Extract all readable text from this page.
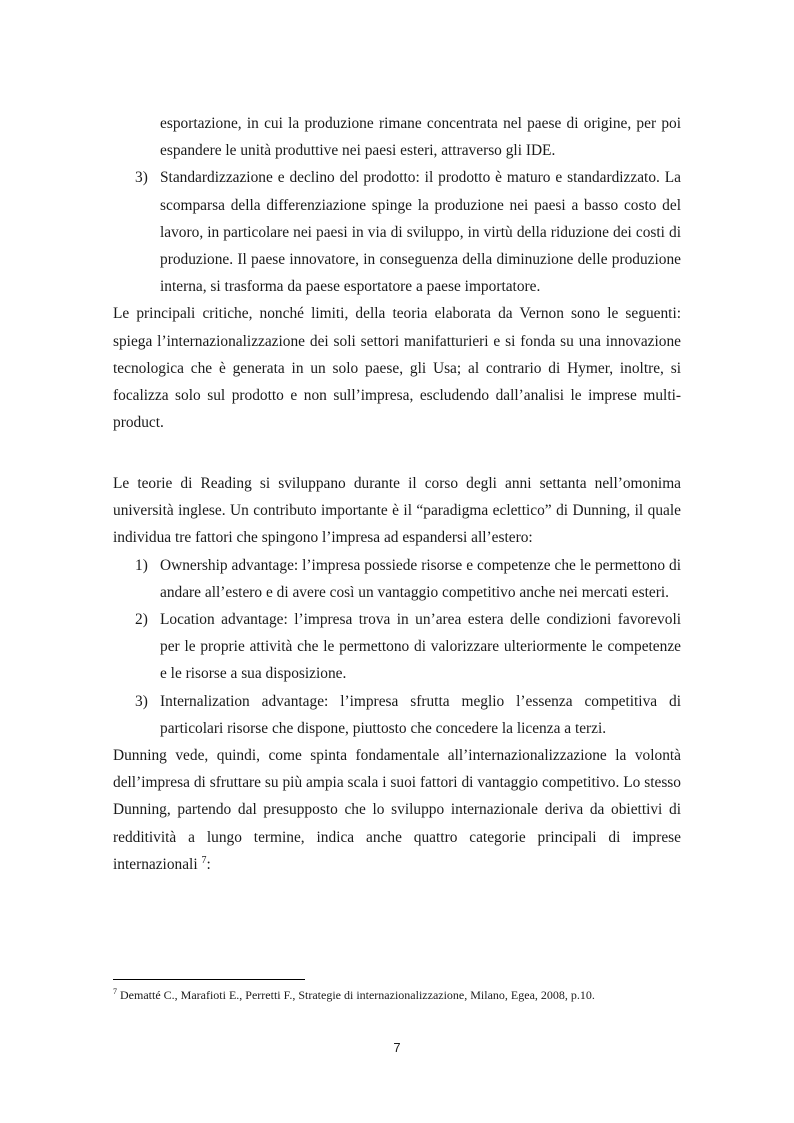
esportazione, in cui la produzione rimane concentrata nel paese di origine, per poi espandere le unità produttive nei paesi esteri, attraverso gli IDE.

3) Standardizzazione e declino del prodotto: il prodotto è maturo e standardizzato. La scomparsa della differenziazione spinge la produzione nei paesi a basso costo del lavoro, in particolare nei paesi in via di sviluppo, in virtù della riduzione dei costi di produzione. Il paese innovatore, in conseguenza della diminuzione delle produzione interna, si trasforma da paese esportatore a paese importatore.

Le principali critiche, nonché limiti, della teoria elaborata da Vernon sono le seguenti: spiega l’internazionalizzazione dei soli settori manifatturieri e si fonda su una innovazione tecnologica che è generata in un solo paese, gli Usa; al contrario di Hymer, inoltre, si focalizza solo sul prodotto e non sull’impresa, escludendo dall’analisi le imprese multi-product.

Le teorie di Reading si sviluppano durante il corso degli anni settanta nell’omonima università inglese. Un contributo importante è il “paradigma eclettico” di Dunning, il quale individua tre fattori che spingono l’impresa ad espandersi all’estero:

1) Ownership advantage: l’impresa possiede risorse e competenze che le permettono di andare all’estero e di avere così un vantaggio competitivo anche nei mercati esteri.
2) Location advantage: l’impresa trova in un’area estera delle condizioni favorevoli per le proprie attività che le permettono di valorizzare ulteriormente le competenze e le risorse a sua disposizione.
3) Internalization advantage: l’impresa sfrutta meglio l’essenza competitiva di particolari risorse che dispone, piuttosto che concedere la licenza a terzi.

Dunning vede, quindi, come spinta fondamentale all’internazionalizzazione la volontà dell’impresa di sfruttare su più ampia scala i suoi fattori di vantaggio competitivo. Lo stesso Dunning, partendo dal presupposto che lo sviluppo internazionale deriva da obiettivi di redditività a lungo termine, indica anche quattro categorie principali di imprese internazionali $^7$:

$^7$ Dematté C., Marafioti E., Perretti F., Strategie di internazionalizzazione, Milano, Egea, 2008, p.10.
7
